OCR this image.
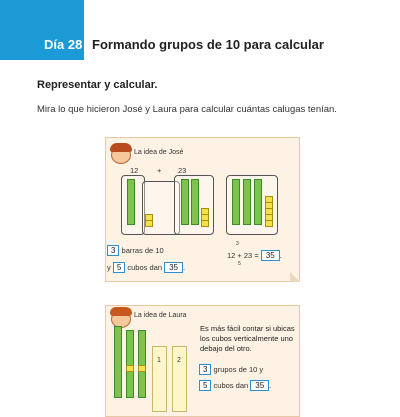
Día 28 Formando grupos de 10 para calcular
Representar y calcular.
Mira lo que hicieron José y Laura para calcular cuántas calugas tenían.
La idea de José
12 + 23
3 barras de 10
y 5 cubos dan 35 .
3
12 + 23 = 35 .
5
La idea de Laura
1 2
Es más fácil contar si ubicas los cubos verticalmente uno debajo del otro.
3 grupos de 10 y
5 cubos dan 35 .
